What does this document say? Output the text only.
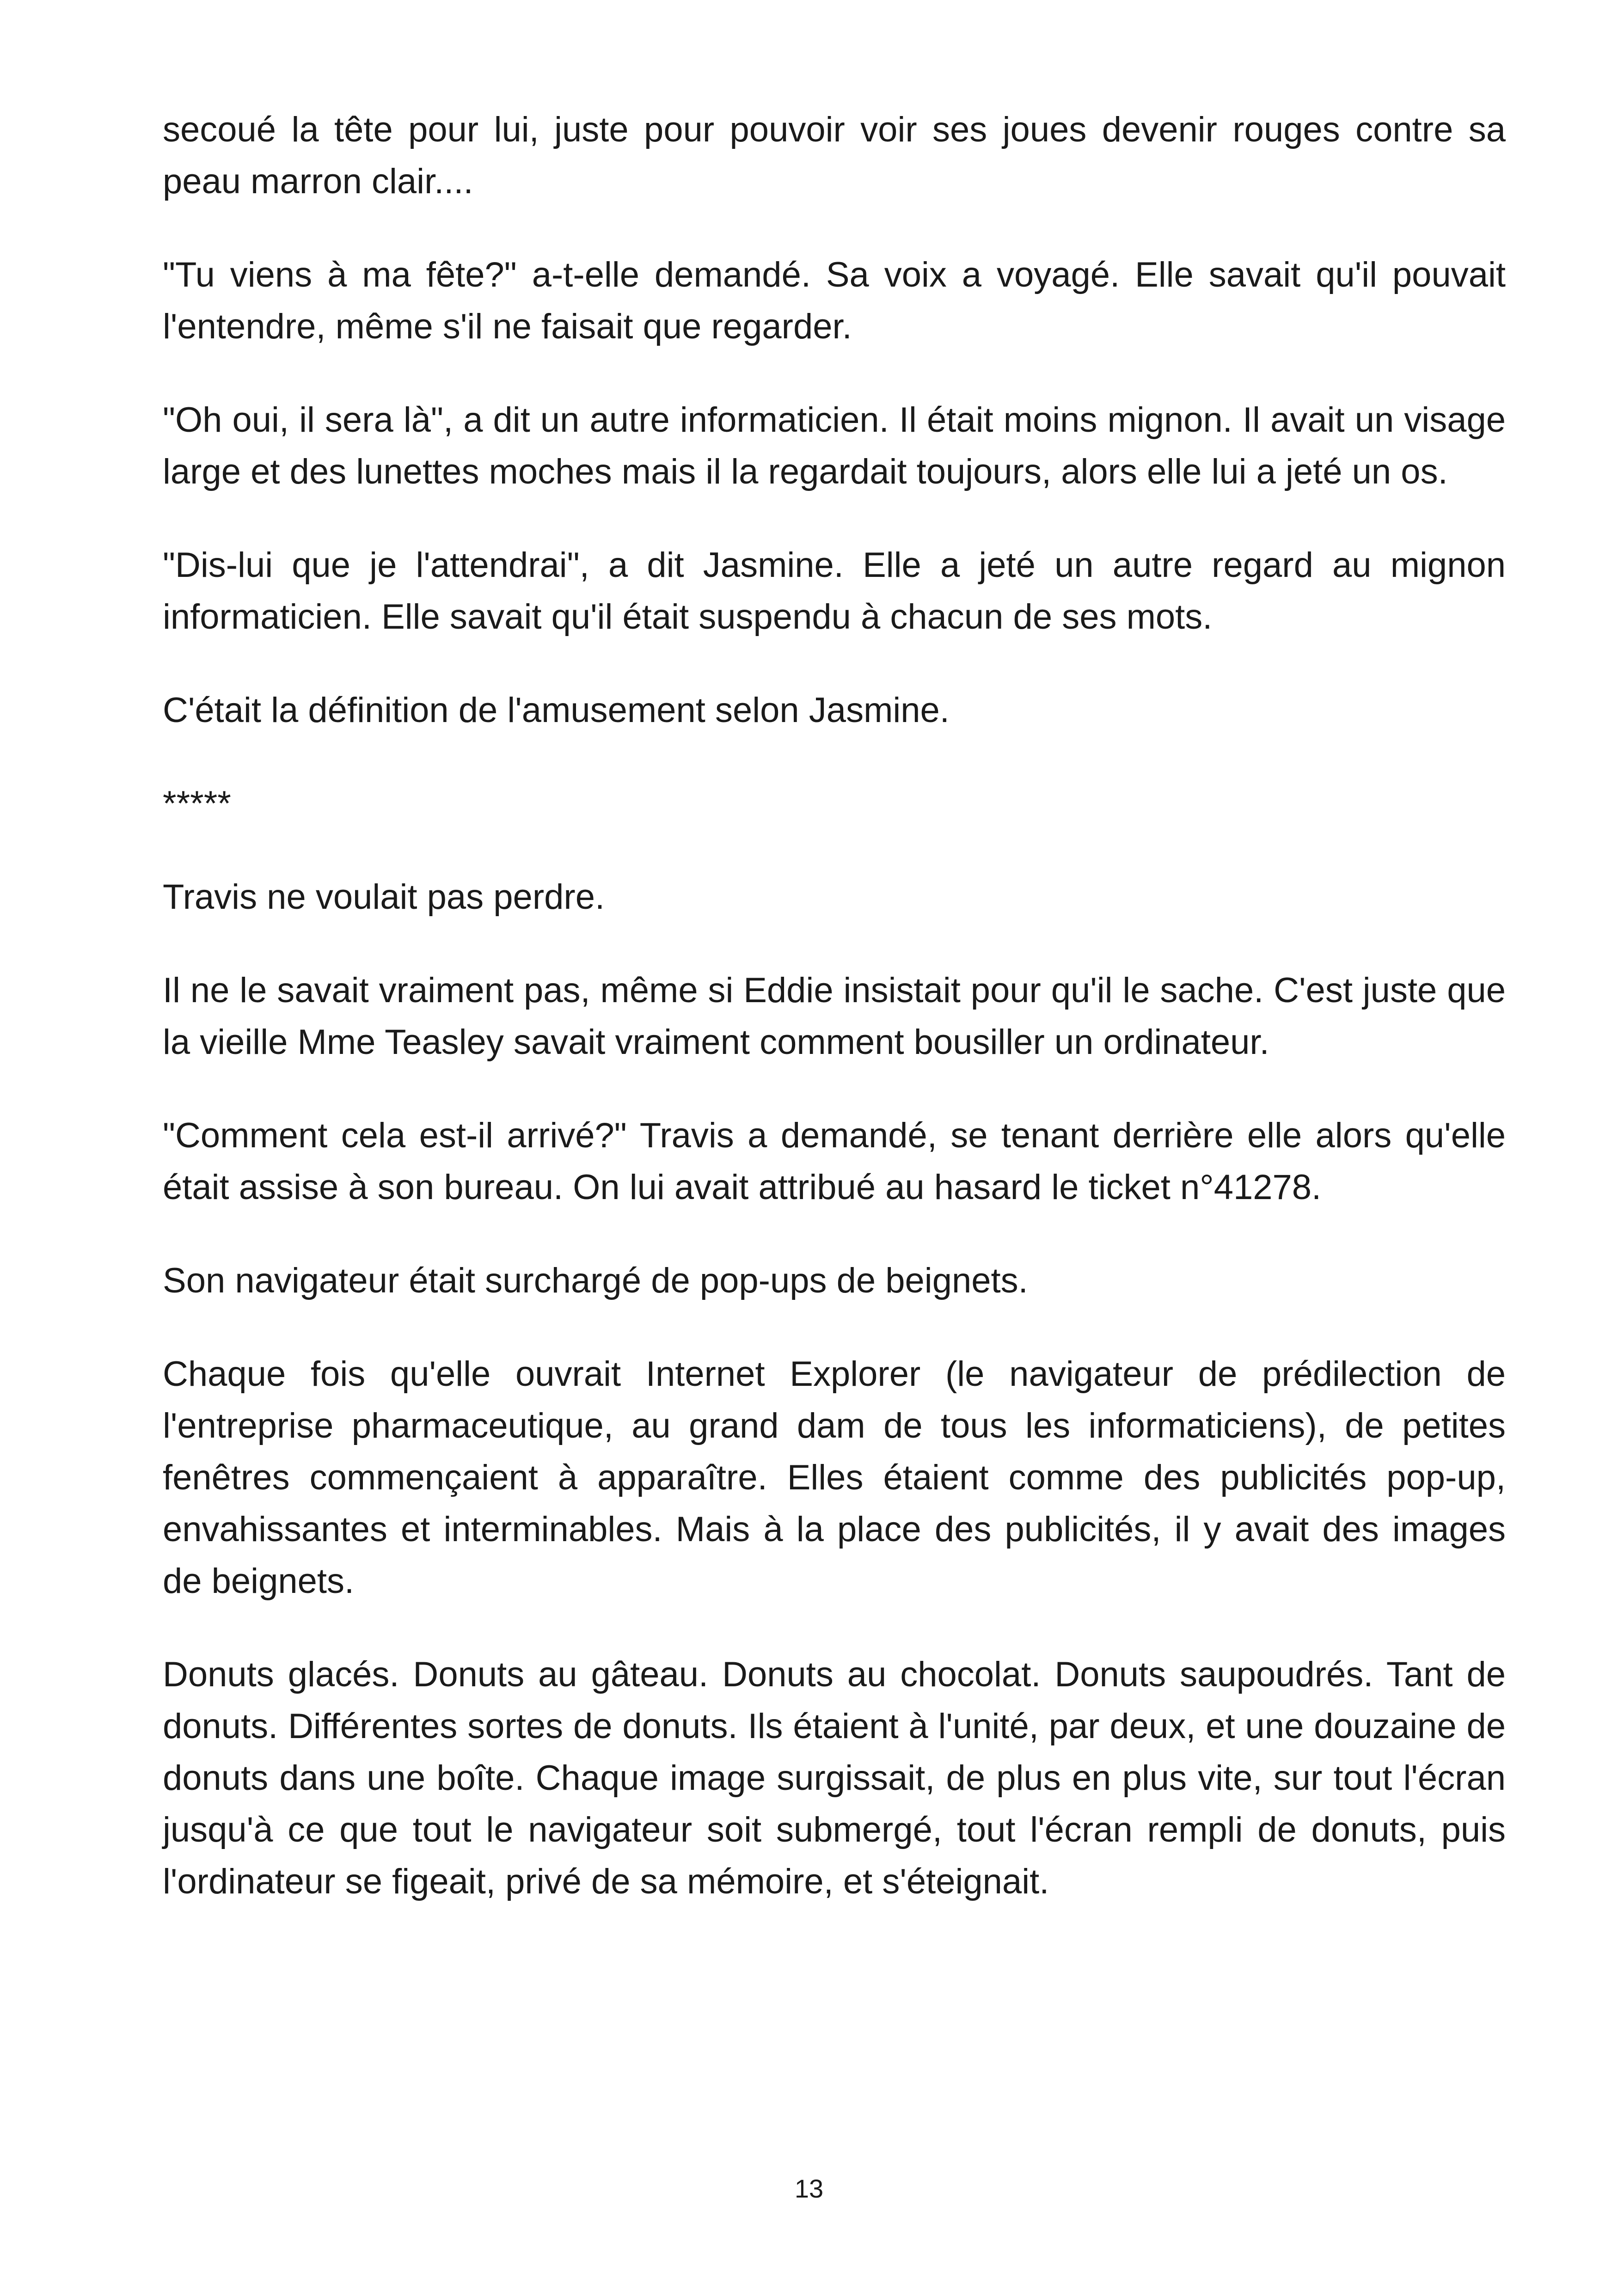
secoué la tête pour lui, juste pour pouvoir voir ses joues devenir rouges contre sa peau marron clair....

"Tu viens à ma fête?" a-t-elle demandé. Sa voix a voyagé. Elle savait qu'il pouvait l'entendre, même s'il ne faisait que regarder.

"Oh oui, il sera là", a dit un autre informaticien. Il était moins mignon. Il avait un visage large et des lunettes moches mais il la regardait toujours, alors elle lui a jeté un os.

"Dis-lui que je l'attendrai", a dit Jasmine. Elle a jeté un autre regard au mignon informaticien. Elle savait qu'il était suspendu à chacun de ses mots.

C'était la définition de l'amusement selon Jasmine.

*****

Travis ne voulait pas perdre.

Il ne le savait vraiment pas, même si Eddie insistait pour qu'il le sache. C'est juste que la vieille Mme Teasley savait vraiment comment bousiller un ordinateur.

"Comment cela est-il arrivé?" Travis a demandé, se tenant derrière elle alors qu'elle était assise à son bureau. On lui avait attribué au hasard le ticket n°41278.

Son navigateur était surchargé de pop-ups de beignets.

Chaque fois qu'elle ouvrait Internet Explorer (le navigateur de prédilection de l'entreprise pharmaceutique, au grand dam de tous les informaticiens), de petites fenêtres commençaient à apparaître. Elles étaient comme des publicités pop-up, envahissantes et interminables. Mais à la place des publicités, il y avait des images de beignets.

Donuts glacés. Donuts au gâteau. Donuts au chocolat. Donuts saupoudrés. Tant de donuts. Différentes sortes de donuts. Ils étaient à l'unité, par deux, et une douzaine de donuts dans une boîte. Chaque image surgissait, de plus en plus vite, sur tout l'écran jusqu'à ce que tout le navigateur soit submergé, tout l'écran rempli de donuts, puis l'ordinateur se figeait, privé de sa mémoire, et s'éteignait.

13
